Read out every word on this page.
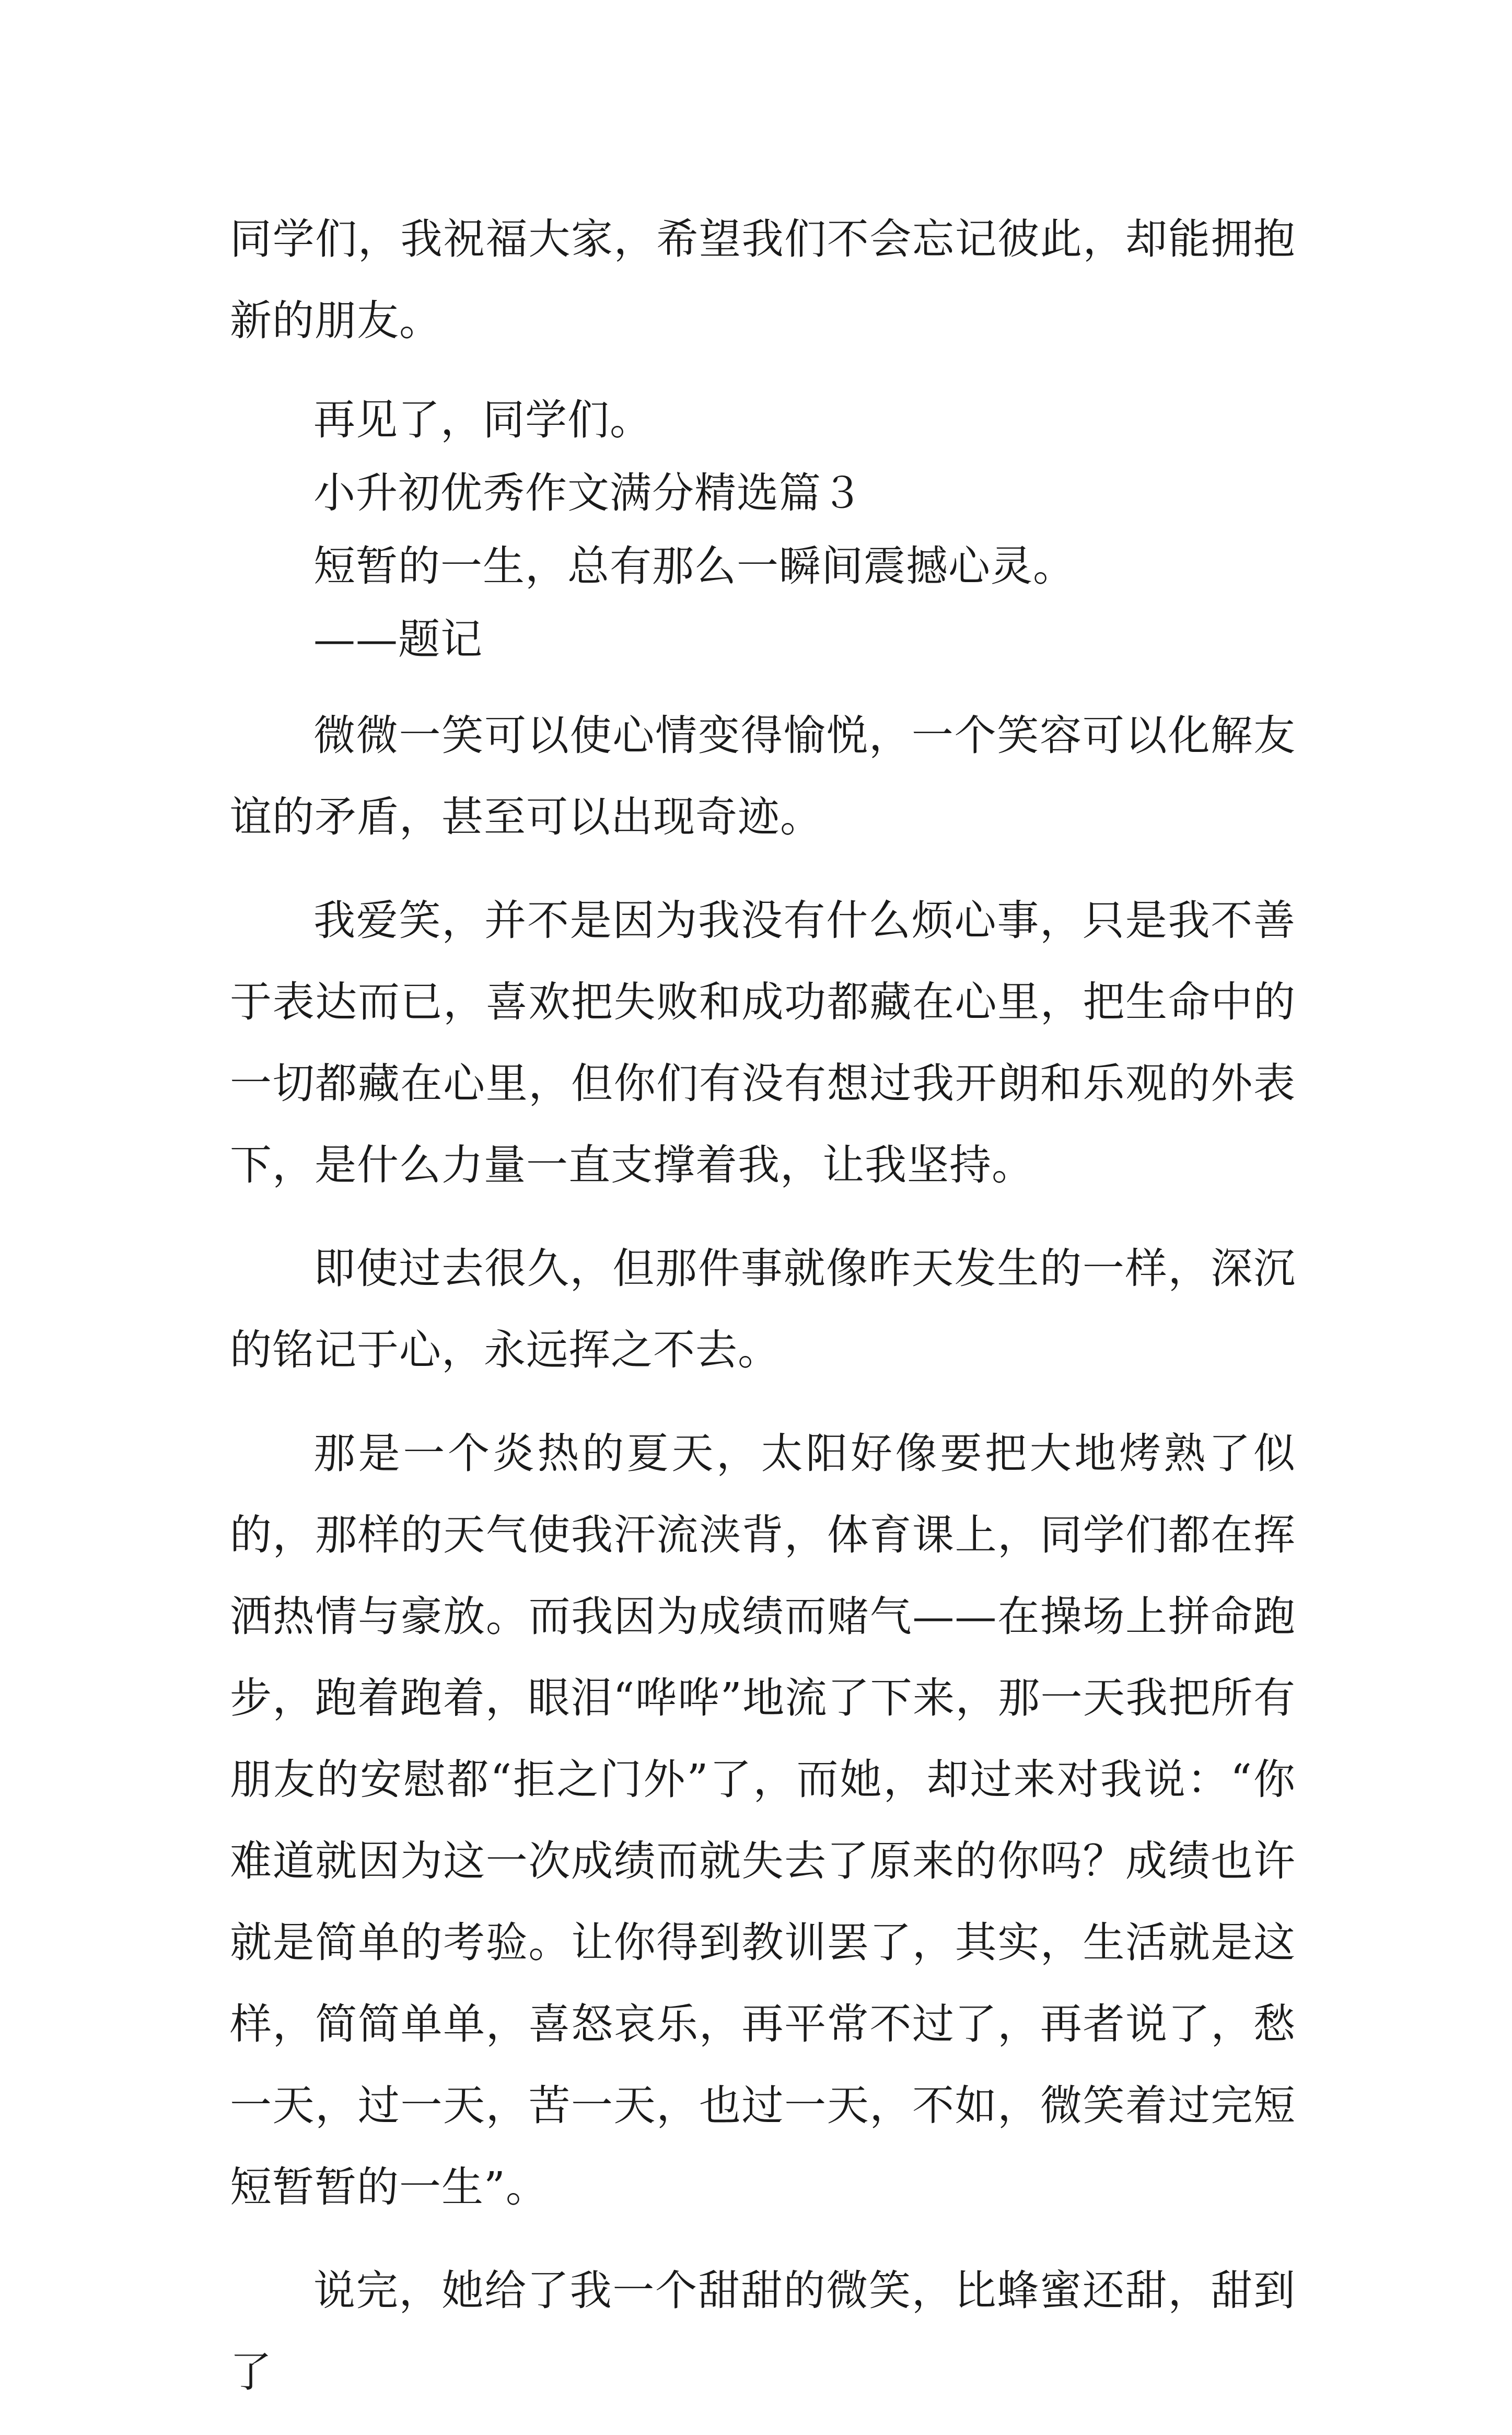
同学们，我祝福大家，希望我们不会忘记彼此，却能拥抱新的朋友。

再见了，同学们。

小升初优秀作文满分精选篇３

短暂的一生，总有那么一瞬间震撼心灵。

——题记

微微一笑可以使心情变得愉悦，一个笑容可以化解友谊的矛盾，甚至可以出现奇迹。

我爱笑，并不是因为我没有什么烦心事，只是我不善于表达而已，喜欢把失败和成功都藏在心里，把生命中的一切都藏在心里，但你们有没有想过我开朗和乐观的外表下，是什么力量一直支撑着我，让我坚持。

即使过去很久，但那件事就像昨天发生的一样，深沉的铭记于心，永远挥之不去。

那是一个炎热的夏天，太阳好像要把大地烤熟了似的，那样的天气使我汗流浃背，体育课上，同学们都在挥洒热情与豪放。而我因为成绩而赌气——在操场上拼命跑步，跑着跑着，眼泪“哗哗”地流了下来，那一天我把所有朋友的安慰都“拒之门外”了，而她，却过来对我说：“你难道就因为这一次成绩而就失去了原来的你吗？成绩也许就是简单的考验。让你得到教训罢了，其实，生活就是这样，简简单单，喜怒哀乐，再平常不过了，再者说了，愁一天，过一天，苦一天，也过一天，不如，微笑着过完短短暂暂的一生”。

说完，她给了我一个甜甜的微笑，比蜂蜜还甜，甜到了
